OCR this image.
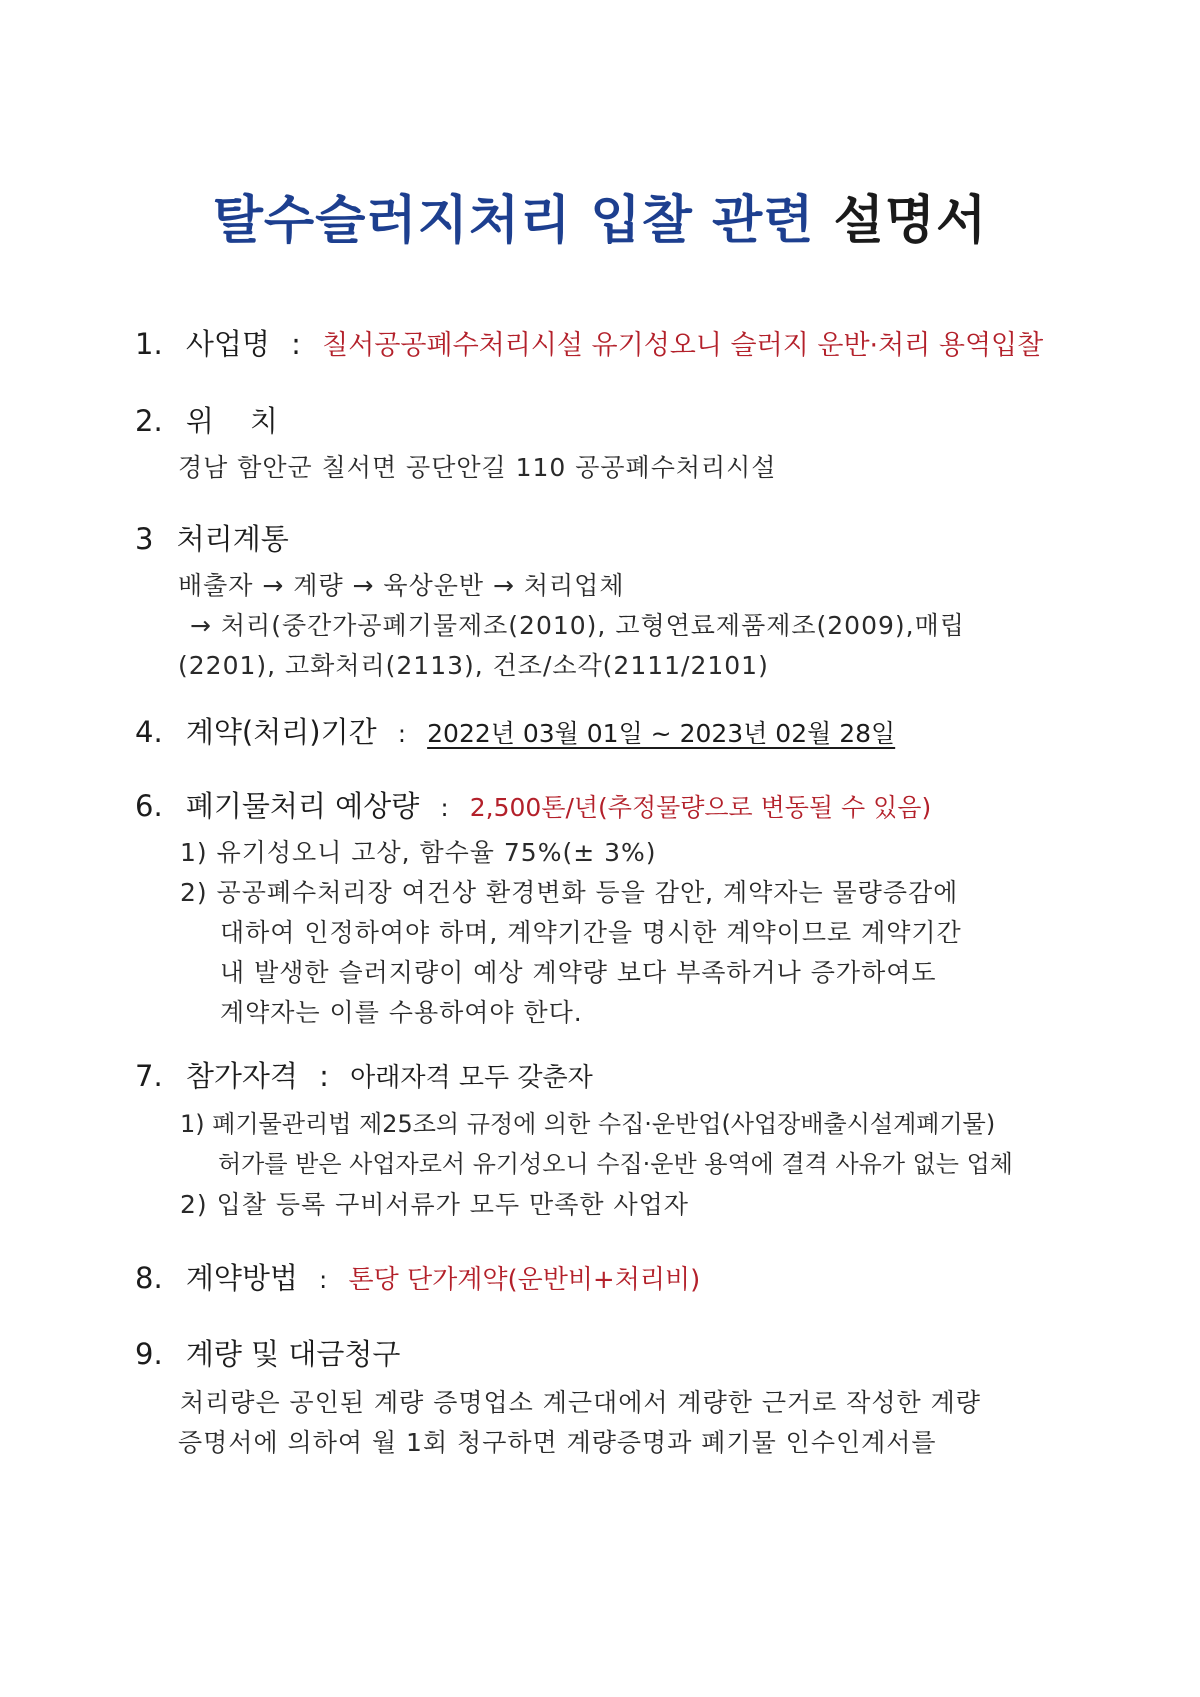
탈수슬러지처리 입찰 관련 설명서
1. 사업명 : 칠서공공폐수처리시설 유기성오니 슬러지 운반·처리 용역입찰
2. 위 치
경남 함안군 칠서면 공단안길 110 공공폐수처리시설
3 처리계통
배출자 → 계량 → 육상운반 → 처리업체
→ 처리(중간가공폐기물제조(2010), 고형연료제품제조(2009),매립
(2201), 고화처리(2113), 건조/소각(2111/2101)
4. 계약(처리)기간 : 2022년 03월 01일 ~ 2023년 02월 28일
6. 폐기물처리 예상량 : 2,500톤/년(추정물량으로 변동될 수 있음)
1) 유기성오니 고상, 함수율 75%(± 3%)
2) 공공폐수처리장 여건상 환경변화 등을 감안, 계약자는 물량증감에
대하여 인정하여야 하며, 계약기간을 명시한 계약이므로 계약기간
내 발생한 슬러지량이 예상 계약량 보다 부족하거나 증가하여도
계약자는 이를 수용하여야 한다.
7. 참가자격 : 아래자격 모두 갖춘자
1) 폐기물관리법 제25조의 규정에 의한 수집·운반업(사업장배출시설계폐기물)
허가를 받은 사업자로서 유기성오니 수집·운반 용역에 결격 사유가 없는 업체
2) 입찰 등록 구비서류가 모두 만족한 사업자
8. 계약방법 : 톤당 단가계약(운반비+처리비)
9. 계량 및 대금청구
처리량은 공인된 계량 증명업소 계근대에서 계량한 근거로 작성한 계량
증명서에 의하여 월 1회 청구하면 계량증명과 폐기물 인수인계서를
